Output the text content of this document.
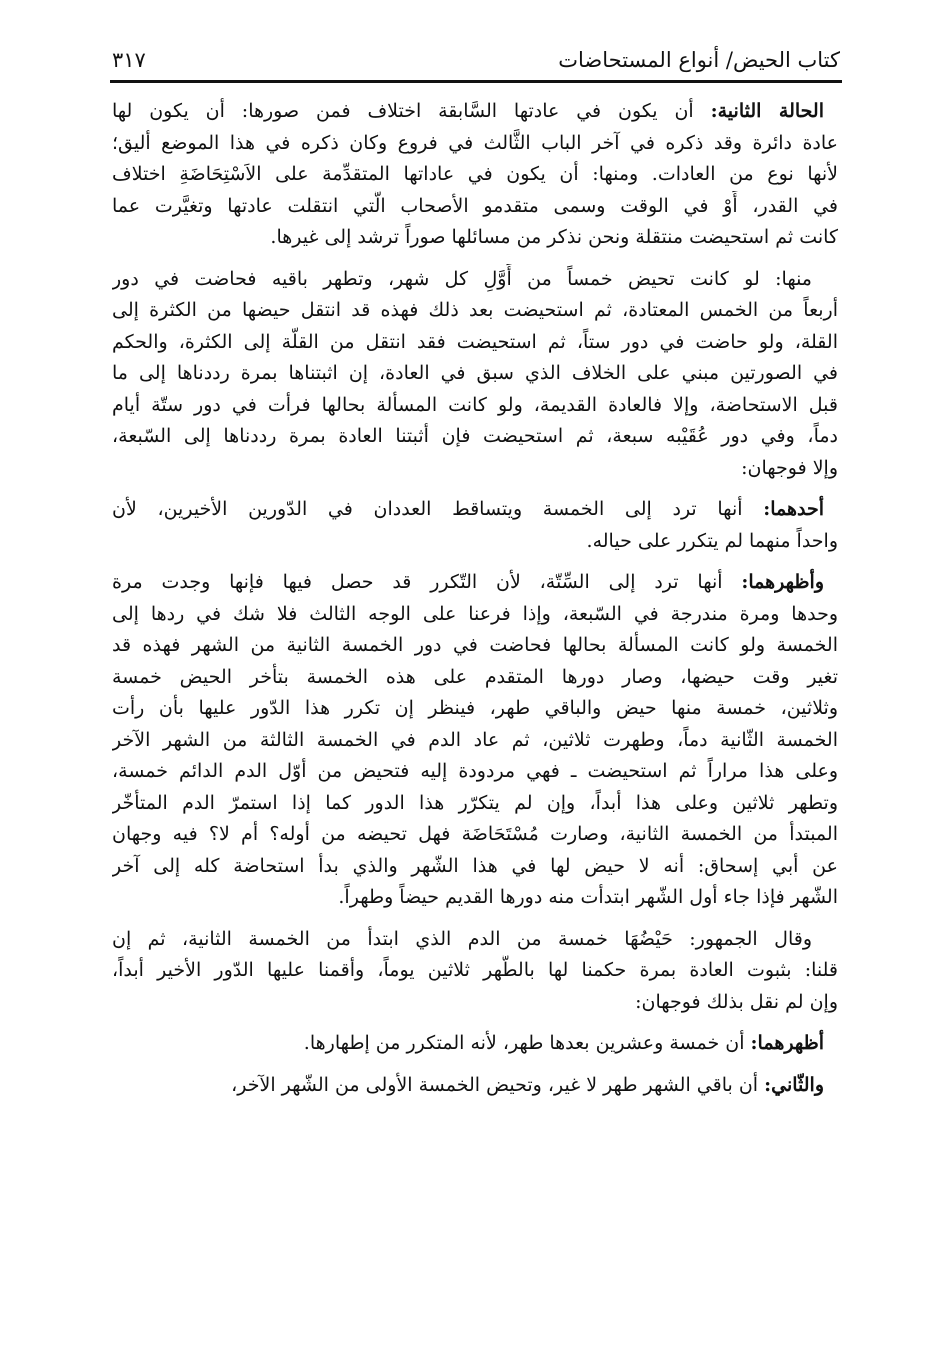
كتاب الحيض/ أنواع المستحاضات
٣١٧
الحالة الثانية: أن يكون في عادتها السَّابقة اختلاف فمن صورها: أن يكون لها
عادة دائرة وقد ذكره في آخر الباب الثَّالث في فروع وكان ذكره في هذا الموضع أليق؛
لأنها نوع من العادات. ومنها: أن يكون في عاداتها المتقدِّمة على الاَسْتِحَاضَةِ اختلاف
في القدر، أَوْ في الوقت وسمى متقدمو الأصحاب الَّتي انتقلت عادتها وتغيَّرت عما
كانت ثم استحيضت منتقلة ونحن نذكر من مسائلها صوراً ترشد إلى غيرها.
منها: لو كانت تحيض خمساً من أَوَّلِ كل شهر، وتطهر باقيه فحاضت في دور
أربعاً من الخمس المعتادة، ثم استحيضت بعد ذلك فهذه قد انتقل حيضها من الكثرة إلى
القلة، ولو حاضت في دور ستاً، ثم استحيضت فقد انتقل من القلّة إلى الكثرة، والحكم
في الصورتين مبني على الخلاف الذي سبق في العادة، إن اثبتناها بمرة رددناها إلى ما
قبل الاستحاضة، وإلا فالعادة القديمة، ولو كانت المسألة بحالها فرأت في دور ستّة أيام
دماً، وفي دور عُقَيْبه سبعة، ثم استحيضت فإن أثبتنا العادة بمرة رددناها إلى السّبعة،
وإلا فوجهان:
أحدهما: أنها ترد إلى الخمسة ويتساقط العددان في الدّورين الأخيرين، لأن
واحداً منهما لم يتكرر على حياله.
وأظهرهما: أنها ترد إلى السِّتّة، لأن التّكرر قد حصل فيها فإنها وجدت مرة
وحدها ومرة مندرجة في السّبعة، وإذا فرعنا على الوجه الثالث فلا شك في ردها إلى
الخمسة ولو كانت المسألة بحالها فحاضت في دور الخمسة الثانية من الشهر فهذه قد
تغير وقت حيضها، وصار دورها المتقدم على هذه الخمسة بتأخر الحيض خمسة
وثلاثين، خمسة منها حيض والباقي طهر، فينظر إن تكرر هذا الدّور عليها بأن رأت
الخمسة الثّانية دماً، وطهرت ثلاثين، ثم عاد الدم في الخمسة الثالثة من الشهر الآخر
وعلى هذا مراراً ثم استحيضت ـ فهي مردودة إليه فتحيض من أوّل الدم الدائم خمسة،
وتطهر ثلاثين وعلى هذا أبداً، وإن لم يتكرّر هذا الدور كما إذا استمرّ الدم المتأخّر
المبتدأ من الخمسة الثانية، وصارت مُسْتَحَاضَة فهل تحيضه من أوله؟ أم لا؟ فيه وجهان
عن أبي إسحاق: أنه لا حيض لها في هذا الشّهر والذي بدأ استحاضة كله إلى آخر
الشّهر فإذا جاء أول الشّهر ابتدأت منه دورها القديم حيضاً وطهراً.
وقال الجمهور: حَيْضُهَا خمسة من الدم الذي ابتدأ من الخمسة الثانية، ثم إن
قلنا: بثبوت العادة بمرة حكمنا لها بالطُّهر ثلاثين يوماً، وأقمنا عليها الدّور الأخير أبداً،
وإن لم نقل بذلك فوجهان:
أظهرهما: أن خمسة وعشرين بعدها طهر، لأنه المتكرر من إطهارها.
والثّاني: أن باقي الشهر طهر لا غير، وتحيض الخمسة الأولى من الشّهر الآخر،
